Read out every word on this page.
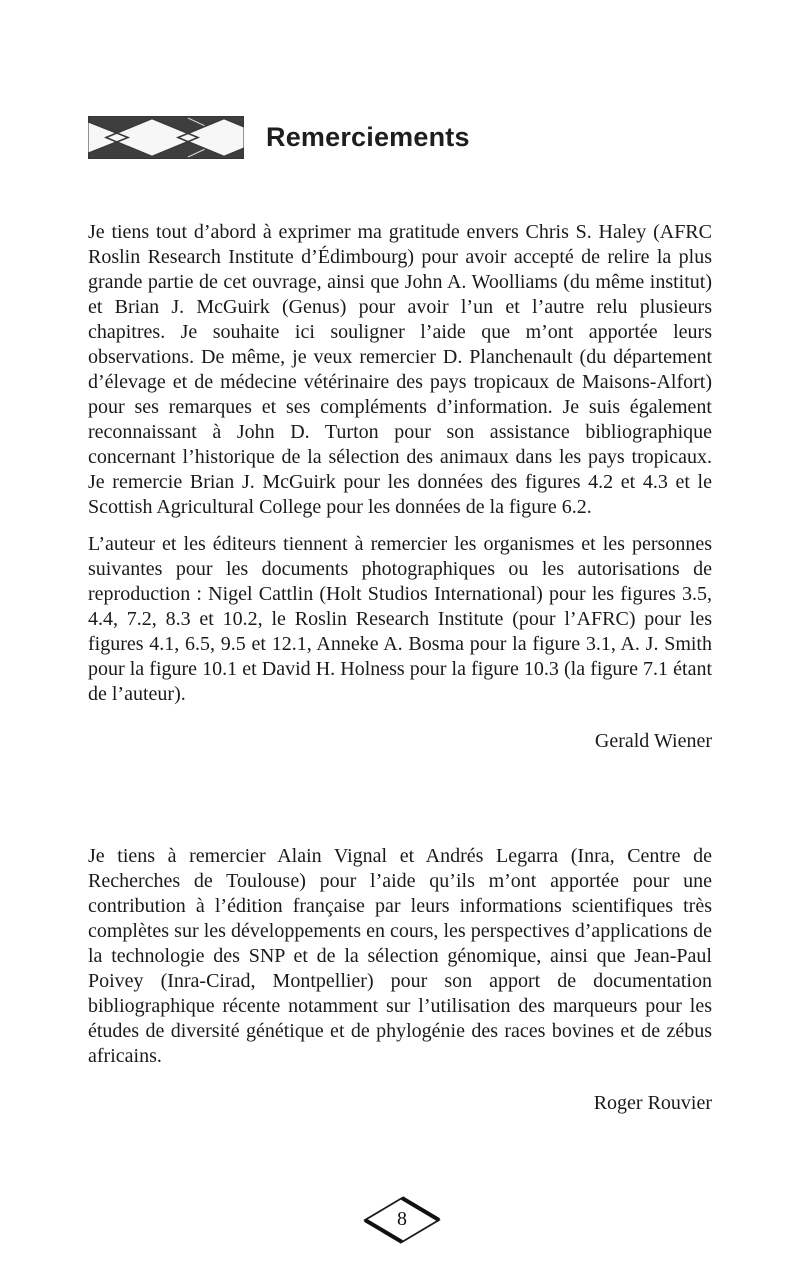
Remerciements

Je tiens tout d’abord à exprimer ma gratitude envers Chris S. Haley (AFRC Roslin Research Institute d’Édimbourg) pour avoir accepté de relire la plus grande partie de cet ouvrage, ainsi que John A. Woolliams (du même institut) et Brian J. McGuirk (Genus) pour avoir l’un et l’autre relu plusieurs chapitres. Je souhaite ici souligner l’aide que m’ont apportée leurs observations. De même, je veux remercier D. Planchenault (du département d’élevage et de médecine vétérinaire des pays tropicaux de Maisons-Alfort) pour ses remarques et ses compléments d’information. Je suis également reconnaissant à John D. Turton pour son assistance bibliographique concernant l’historique de la sélection des animaux dans les pays tropicaux. Je remercie Brian J. McGuirk pour les données des figures 4.2 et 4.3 et le Scottish Agricultural College pour les données de la figure 6.2.

L’auteur et les éditeurs tiennent à remercier les organismes et les personnes suivantes pour les documents photographiques ou les autorisations de reproduction : Nigel Cattlin (Holt Studios International) pour les figures 3.5, 4.4, 7.2, 8.3 et 10.2, le Roslin Research Institute (pour l’AFRC) pour les figures 4.1, 6.5, 9.5 et 12.1, Anneke A. Bosma pour la figure 3.1, A. J. Smith pour la figure 10.1 et David H. Holness pour la figure 10.3 (la figure 7.1 étant de l’auteur).

Gerald Wiener

Je tiens à remercier Alain Vignal et Andrés Legarra (Inra, Centre de Recherches de Toulouse) pour l’aide qu’ils m’ont apportée pour une contribution à l’édition française par leurs informations scientifiques très complètes sur les développements en cours, les perspectives d’applications de la technologie des SNP et de la sélection génomique, ainsi que Jean-Paul Poivey (Inra-Cirad, Montpellier) pour son apport de documentation bibliographique récente notamment sur l’utilisation des marqueurs pour les études de diversité génétique et de phylogénie des races bovines et de zébus africains.

Roger Rouvier
8
